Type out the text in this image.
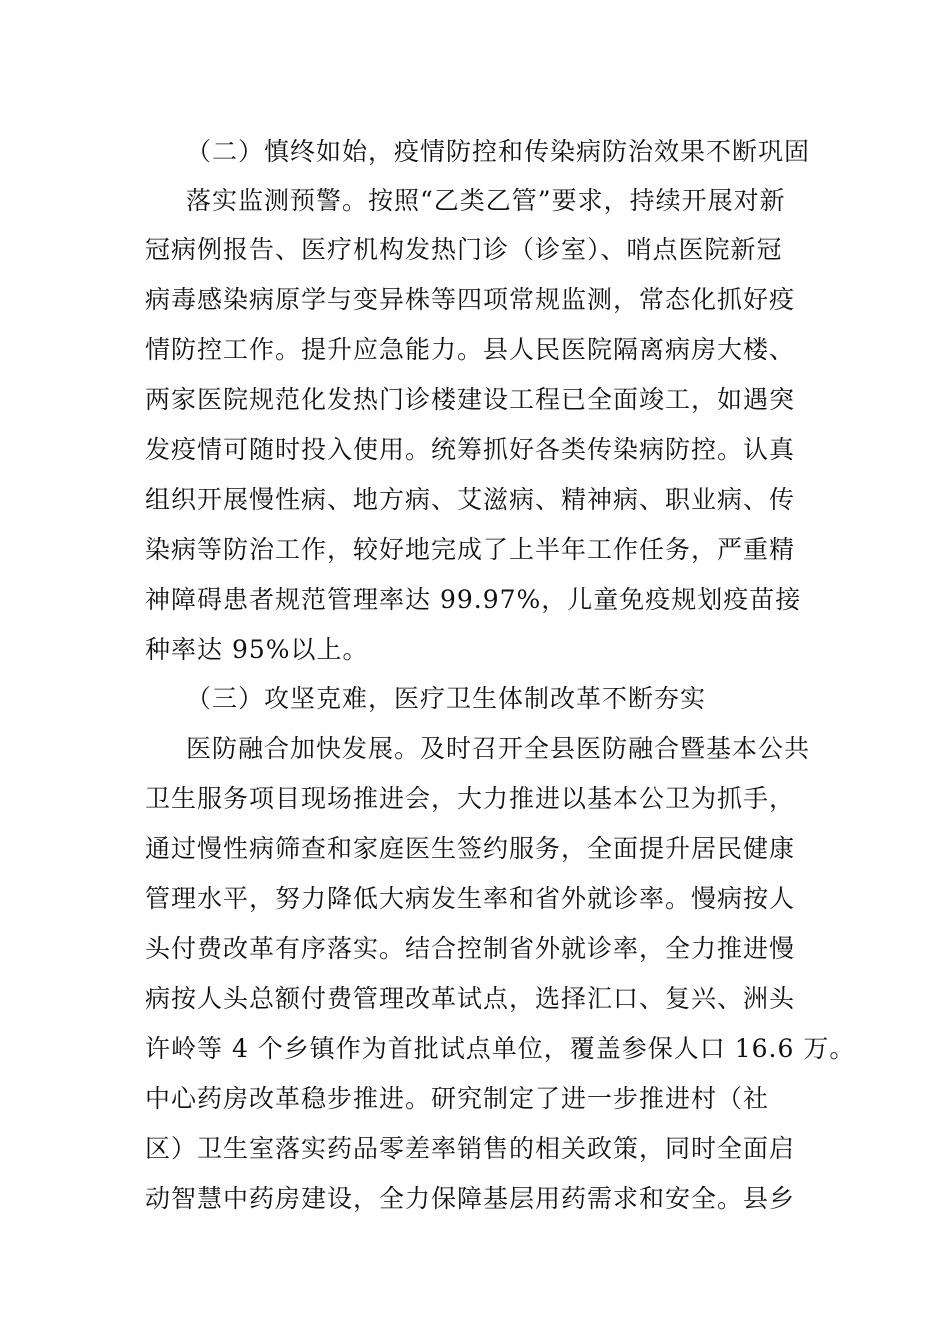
（二）慎终如始，疫情防控和传染病防治效果不断巩固
落实监测预警。按照“乙类乙管”要求，持续开展对新
冠病例报告、医疗机构发热门诊（诊室）、哨点医院新冠
病毒感染病原学与变异株等四项常规监测，常态化抓好疫
情防控工作。提升应急能力。县人民医院隔离病房大楼、
两家医院规范化发热门诊楼建设工程已全面竣工，如遇突
发疫情可随时投入使用。统筹抓好各类传染病防控。认真
组织开展慢性病、地方病、艾滋病、精神病、职业病、传
染病等防治工作，较好地完成了上半年工作任务，严重精
神障碍患者规范管理率达 99.97%，儿童免疫规划疫苗接
种率达 95%以上。
（三）攻坚克难，医疗卫生体制改革不断夯实
医防融合加快发展。及时召开全县医防融合暨基本公共
卫生服务项目现场推进会，大力推进以基本公卫为抓手，
通过慢性病筛查和家庭医生签约服务，全面提升居民健康
管理水平，努力降低大病发生率和省外就诊率。慢病按人
头付费改革有序落实。结合控制省外就诊率，全力推进慢
病按人头总额付费管理改革试点，选择汇口、复兴、洲头
许岭等 4 个乡镇作为首批试点单位，覆盖参保人口 16.6 万。
中心药房改革稳步推进。研究制定了进一步推进村（社
区）卫生室落实药品零差率销售的相关政策，同时全面启
动智慧中药房建设，全力保障基层用药需求和安全。县乡
